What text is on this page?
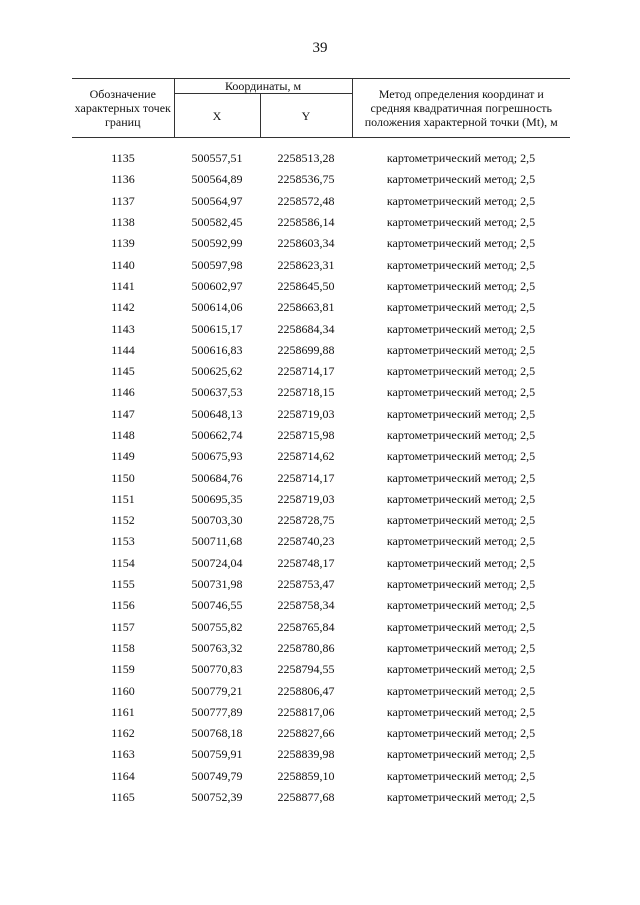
39
Обозначение характерных точек границ	Координаты, м		Метод определения координат и средняя квадратичная погрешность положения характерной точки (Mt), м
	X	Y	
1135	500557,51	2258513,28	картометрический метод; 2,5
1136	500564,89	2258536,75	картометрический метод; 2,5
1137	500564,97	2258572,48	картометрический метод; 2,5
1138	500582,45	2258586,14	картометрический метод; 2,5
1139	500592,99	2258603,34	картометрический метод; 2,5
1140	500597,98	2258623,31	картометрический метод; 2,5
1141	500602,97	2258645,50	картометрический метод; 2,5
1142	500614,06	2258663,81	картометрический метод; 2,5
1143	500615,17	2258684,34	картометрический метод; 2,5
1144	500616,83	2258699,88	картометрический метод; 2,5
1145	500625,62	2258714,17	картометрический метод; 2,5
1146	500637,53	2258718,15	картометрический метод; 2,5
1147	500648,13	2258719,03	картометрический метод; 2,5
1148	500662,74	2258715,98	картометрический метод; 2,5
1149	500675,93	2258714,62	картометрический метод; 2,5
1150	500684,76	2258714,17	картометрический метод; 2,5
1151	500695,35	2258719,03	картометрический метод; 2,5
1152	500703,30	2258728,75	картометрический метод; 2,5
1153	500711,68	2258740,23	картометрический метод; 2,5
1154	500724,04	2258748,17	картометрический метод; 2,5
1155	500731,98	2258753,47	картометрический метод; 2,5
1156	500746,55	2258758,34	картометрический метод; 2,5
1157	500755,82	2258765,84	картометрический метод; 2,5
1158	500763,32	2258780,86	картометрический метод; 2,5
1159	500770,83	2258794,55	картометрический метод; 2,5
1160	500779,21	2258806,47	картометрический метод; 2,5
1161	500777,89	2258817,06	картометрический метод; 2,5
1162	500768,18	2258827,66	картометрический метод; 2,5
1163	500759,91	2258839,98	картометрический метод; 2,5
1164	500749,79	2258859,10	картометрический метод; 2,5
1165	500752,39	2258877,68	картометрический метод; 2,5
